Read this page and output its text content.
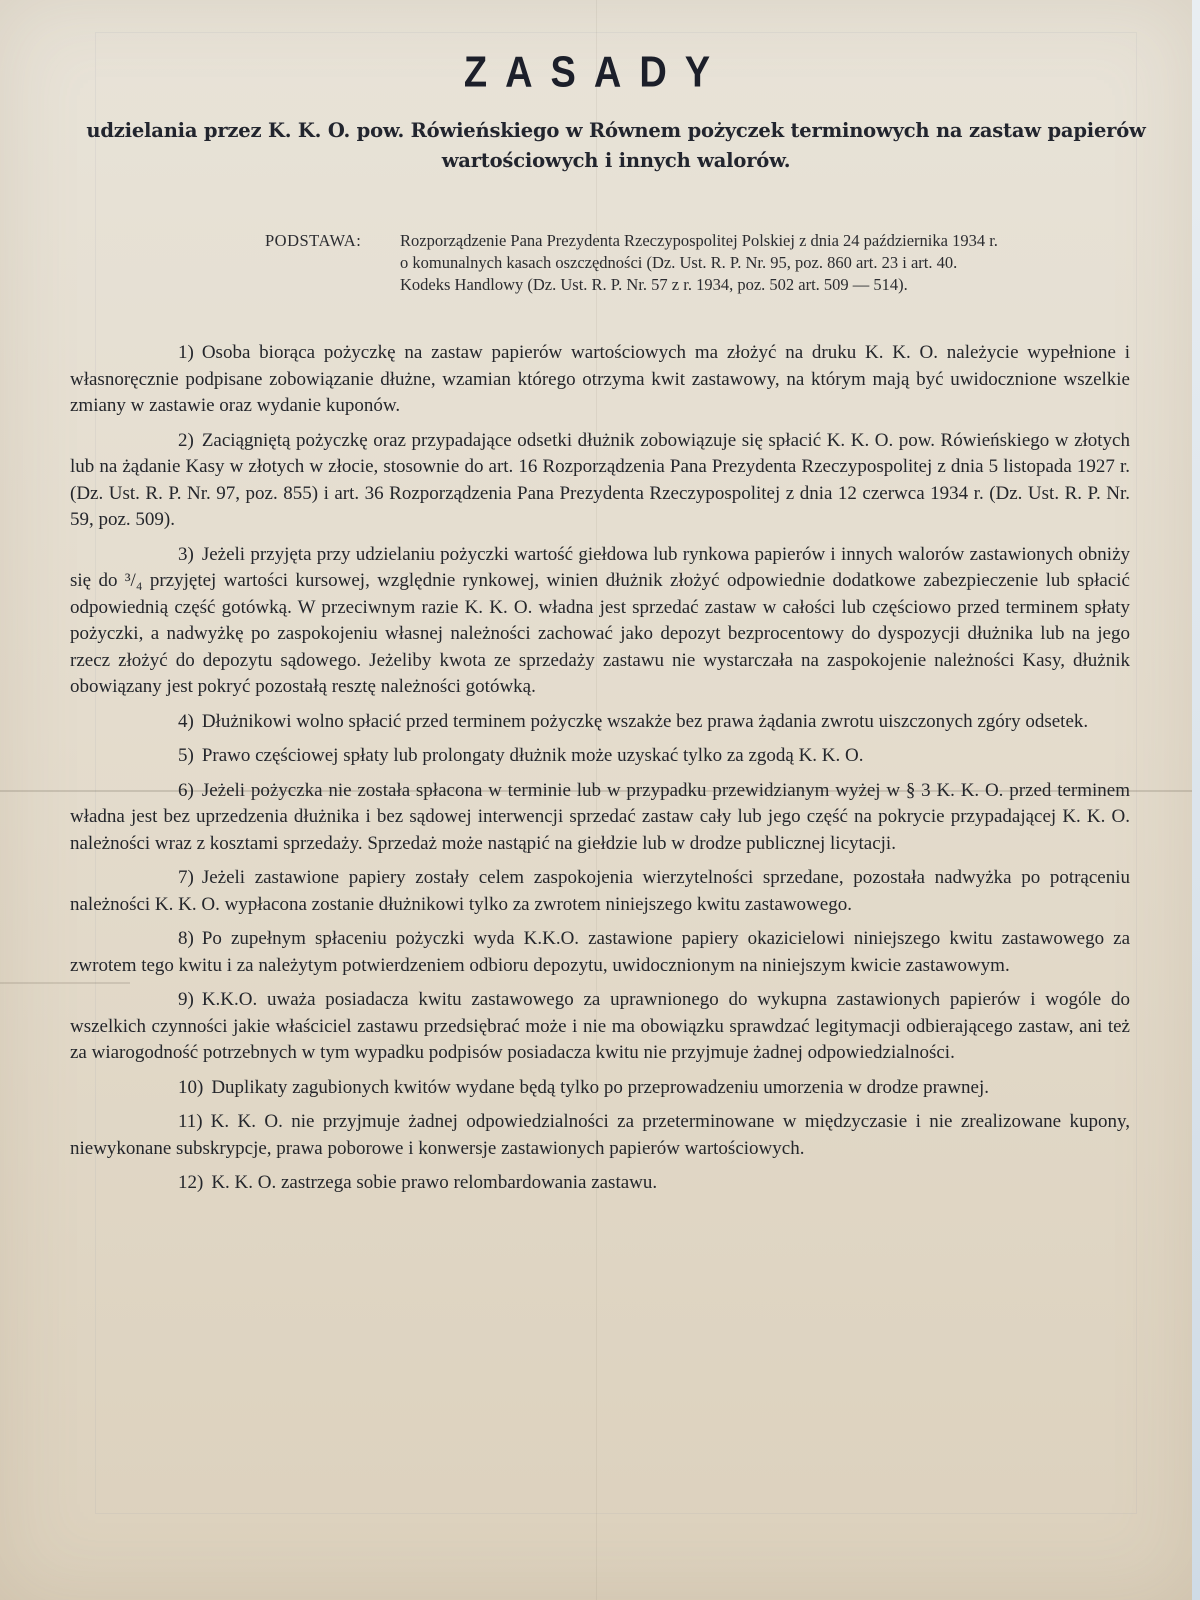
ZASADY
udzielania przez K. K. O. pow. Rówieńskiego w Równem pożyczek terminowych na zastaw papierów wartościowych i innych walorów.
PODSTAWA:	Rozporządzenie Pana Prezydenta Rzeczypospolitej Polskiej z dnia 24 października 1934 r.
o komunalnych kasach oszczędności (Dz. Ust. R. P. Nr. 95, poz. 860 art. 23 i art. 40.
Kodeks Handlowy (Dz. Ust. R. P. Nr. 57 z r. 1934, poz. 502 art. 509 — 514).

1) Osoba biorąca pożyczkę na zastaw papierów wartościowych ma złożyć na druku K. K. O. należycie wypełnione i własnoręcznie podpisane zobowiązanie dłużne, wzamian którego otrzyma kwit zastawowy, na którym mają być uwidocznione wszelkie zmiany w zastawie oraz wydanie kuponów.

2) Zaciągniętą pożyczkę oraz przypadające odsetki dłużnik zobowiązuje się spłacić K. K. O. pow. Rówieńskiego w złotych lub na żądanie Kasy w złotych w złocie, stosownie do art. 16 Rozporządzenia Pana Prezydenta Rzeczypospolitej z dnia 5 listopada 1927 r. (Dz. Ust. R. P. Nr. 97, poz. 855) i art. 36 Rozporządzenia Pana Prezydenta Rzeczypospolitej z dnia 12 czerwca 1934 r. (Dz. Ust. R. P. Nr. 59, poz. 509).

3) Jeżeli przyjęta przy udzielaniu pożyczki wartość giełdowa lub rynkowa papierów i innych walorów zastawionych obniży się do ³/₄ przyjętej wartości kursowej, względnie rynkowej, winien dłużnik złożyć odpowiednie dodatkowe zabezpieczenie lub spłacić odpowiednią część gotówką. W przeciwnym razie K. K. O. władna jest sprzedać zastaw w całości lub częściowo przed terminem spłaty pożyczki, a nadwyżkę po zaspokojeniu własnej należności zachować jako depozyt bezprocentowy do dyspozycji dłużnika lub na jego rzecz złożyć do depozytu sądowego. Jeżeliby kwota ze sprzedaży zastawu nie wystarczała na zaspokojenie należności Kasy, dłużnik obowiązany jest pokryć pozostałą resztę należności gotówką.

4) Dłużnikowi wolno spłacić przed terminem pożyczkę wszakże bez prawa żądania zwrotu uiszczonych zgóry odsetek.

5) Prawo częściowej spłaty lub prolongaty dłużnik może uzyskać tylko za zgodą K. K. O.

6) Jeżeli pożyczka nie została spłacona w terminie lub w przypadku przewidzianym wyżej w § 3 K. K. O. przed terminem władna jest bez uprzedzenia dłużnika i bez sądowej interwencji sprzedać zastaw cały lub jego część na pokrycie przypadającej K. K. O. należności wraz z kosztami sprzedaży. Sprzedaż może nastąpić na giełdzie lub w drodze publicznej licytacji.

7) Jeżeli zastawione papiery zostały celem zaspokojenia wierzytelności sprzedane, pozostała nadwyżka po potrąceniu należności K. K. O. wypłacona zostanie dłużnikowi tylko za zwrotem niniejszego kwitu zastawowego.

8) Po zupełnym spłaceniu pożyczki wyda K.K.O. zastawione papiery okazicielowi niniejszego kwitu zastawowego za zwrotem tego kwitu i za należytym potwierdzeniem odbioru depozytu, uwidocznionym na niniejszym kwicie zastawowym.

9) K.K.O. uważa posiadacza kwitu zastawowego za uprawnionego do wykupna zastawionych papierów i wogóle do wszelkich czynności jakie właściciel zastawu przedsiębrać może i nie ma obowiązku sprawdzać legitymacji odbierającego zastaw, ani też za wiarogodność potrzebnych w tym wypadku podpisów posiadacza kwitu nie przyjmuje żadnej odpowiedzialności.

10) Duplikaty zagubionych kwitów wydane będą tylko po przeprowadzeniu umorzenia w drodze prawnej.

11) K. K. O. nie przyjmuje żadnej odpowiedzialności za przeterminowane w międzyczasie i nie zrealizowane kupony, niewykonane subskrypcje, prawa poborowe i konwersje zastawionych papierów wartościowych.

12) K. K. O. zastrzega sobie prawo relombardowania zastawu.
